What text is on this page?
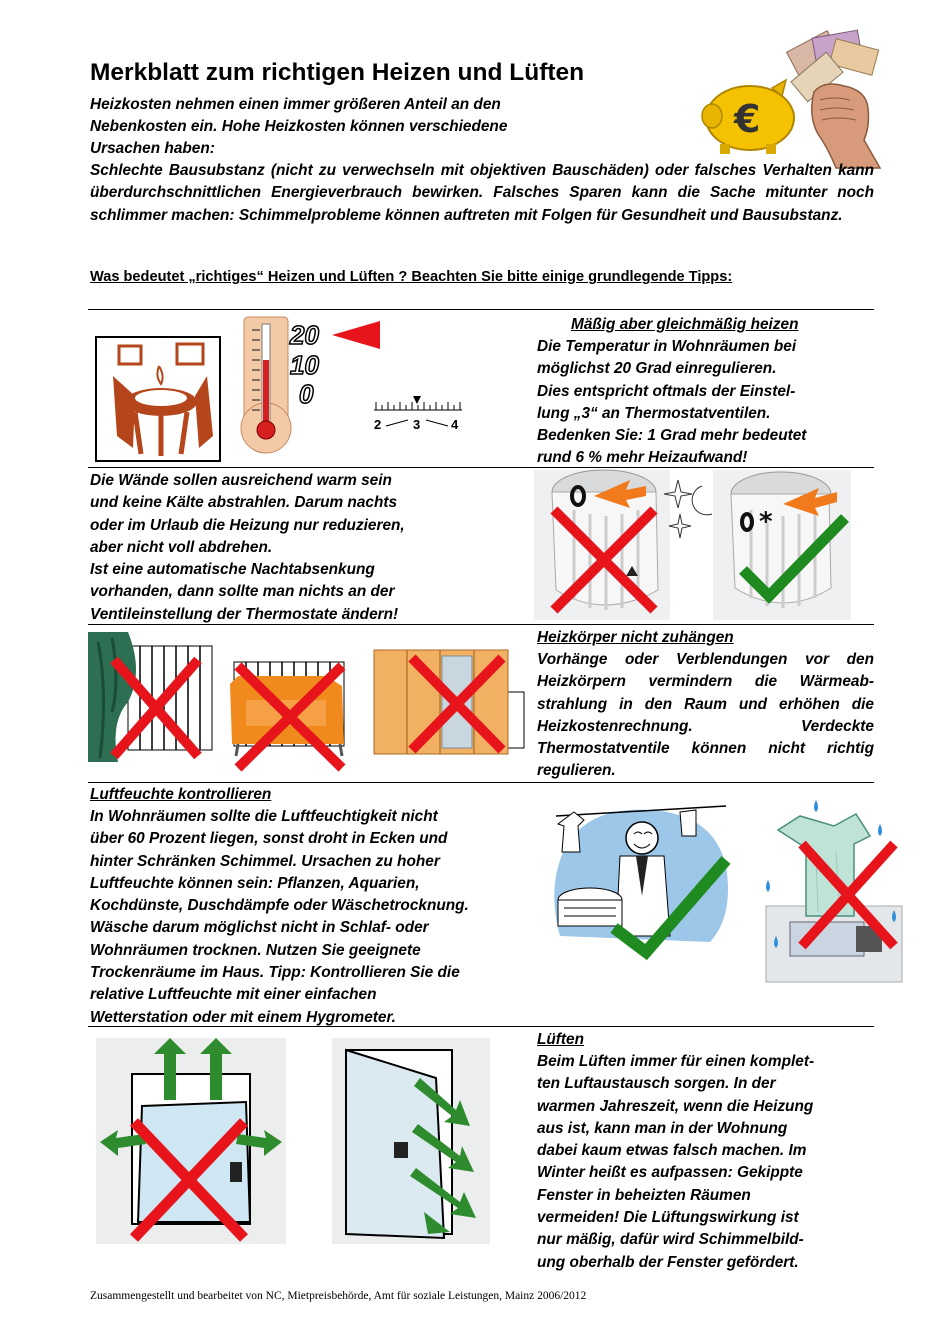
Merkblatt zum richtigen Heizen und Lüften
€
Heizkosten nehmen einen immer größeren Anteil an den
Nebenkosten ein. Hohe Heizkosten können verschiedene
Ursachen haben:
Schlechte Bausubstanz (nicht zu verwechseln mit objektiven Bauschäden) oder falsches Verhalten kann überdurchschnittlichen Energieverbrauch bewirken. Falsches Sparen kann die Sache mitunter noch schlimmer machen: Schimmelprobleme können auftreten mit Folgen für Gesundheit und Bausubstanz.
Was bedeutet „richtiges“ Heizen und Lüften ? Beachten Sie bitte einige grundlegende Tipps:
20
10
0
2 3 4
Mäßig aber gleichmäßig heizen
Die Temperatur in Wohnräumen bei
möglichst 20 Grad einregulieren.
Dies entspricht oftmals der Einstel-
lung „3“ an Thermostatventilen.
Bedenken Sie: 1 Grad mehr bedeutet
rund 6 % mehr Heizaufwand!
Die Wände sollen ausreichend warm sein
und keine Kälte abstrahlen. Darum nachts
oder im Urlaub die Heizung nur reduzieren,
aber nicht voll abdrehen.
Ist eine automatische Nachtabsenkung
vorhanden, dann sollte man nichts an der
Ventileinstellung der Thermostate ändern!
*
Heizkörper nicht zuhängen
Vorhänge oder Verblendungen vor den Heizkörpern vermindern die Wärmeab-strahlung in den Raum und erhöhen die Heizkostenrechnung. Verdeckte Thermostatventile können nicht richtig regulieren.
Luftfeuchte kontrollieren
In Wohnräumen sollte die Luftfeuchtigkeit nicht
über 60 Prozent liegen, sonst droht in Ecken und
hinter Schränken Schimmel. Ursachen zu hoher
Luftfeuchte können sein: Pflanzen, Aquarien,
Kochdünste, Duschdämpfe oder Wäschetrocknung.
Wäsche darum möglichst nicht in Schlaf- oder
Wohnräumen trocknen. Nutzen Sie geeignete
Trockenräume im Haus. Tipp: Kontrollieren Sie die
relative Luftfeuchte mit einer einfachen
Wetterstation oder mit einem Hygrometer.
Lüften
Beim Lüften immer für einen komplet-
ten Luftaustausch sorgen. In der
warmen Jahreszeit, wenn die Heizung
aus ist, kann man in der Wohnung
dabei kaum etwas falsch machen. Im
Winter heißt es aufpassen: Gekippte
Fenster in beheizten Räumen
vermeiden! Die Lüftungswirkung ist
nur mäßig, dafür wird Schimmelbild-
ung oberhalb der Fenster gefördert.
Zusammengestellt und bearbeitet von NC, Mietpreisbehörde, Amt für soziale Leistungen, Mainz 2006/2012
